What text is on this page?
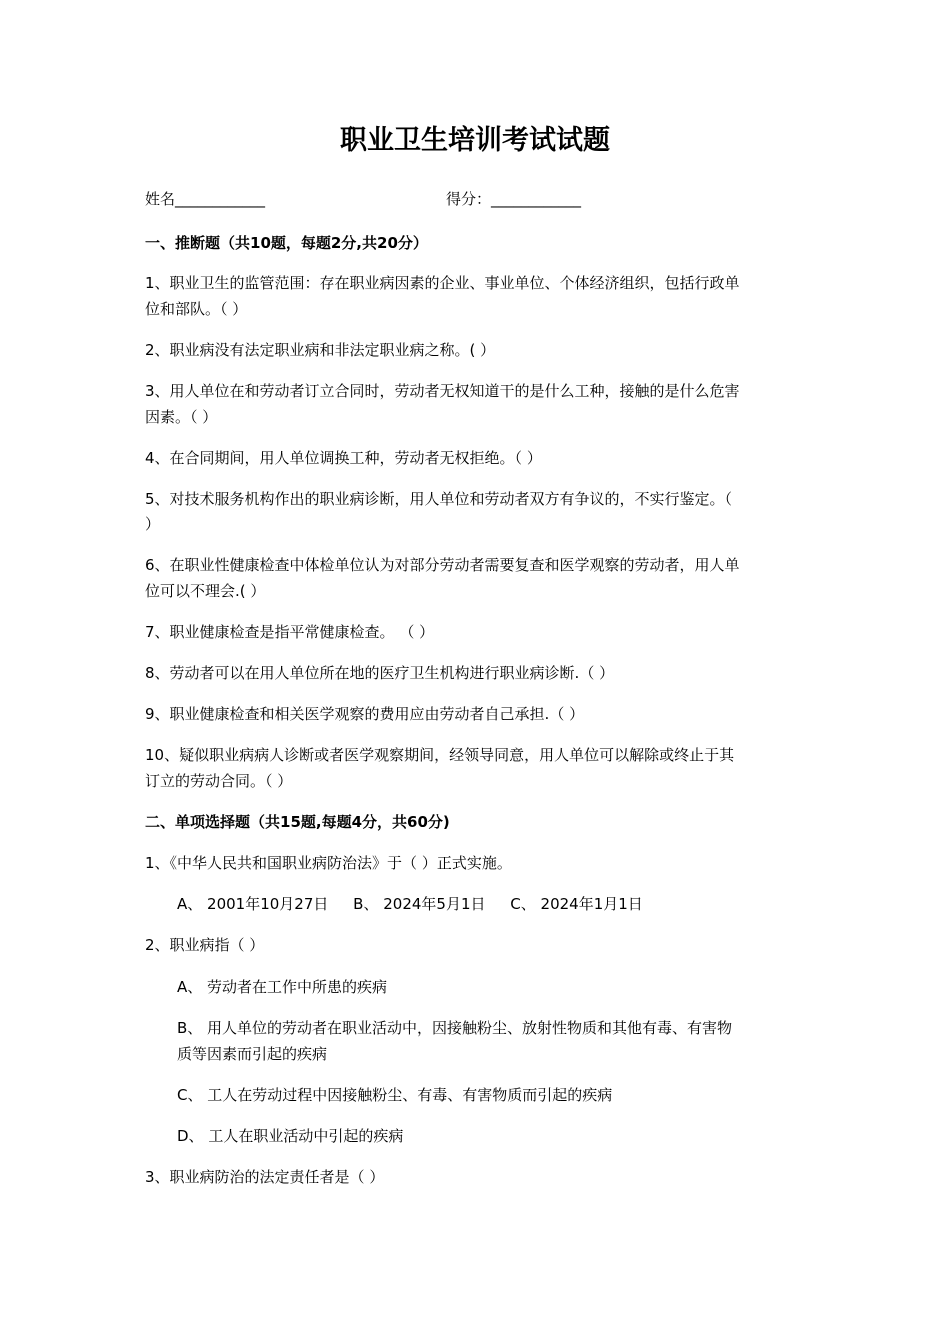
职业卫生培训考试试题
姓名____________	得分：____________
一、推断题（共10题，每题2分,共20分）
1、职业卫生的监管范围：存在职业病因素的企业、事业单位、个体经济组织，包括行政单
位和部队。（ ）
2、职业病没有法定职业病和非法定职业病之称。( ）
3、用人单位在和劳动者订立合同时，劳动者无权知道干的是什么工种，接触的是什么危害
因素。（ ）
4、在合同期间，用人单位调换工种，劳动者无权拒绝。（ ）
5、对技术服务机构作出的职业病诊断，用人单位和劳动者双方有争议的，不实行鉴定。（
）
6、在职业性健康检查中体检单位认为对部分劳动者需要复查和医学观察的劳动者，用人单
位可以不理会.( ）
7、职业健康检查是指平常健康检查。 （ ）
8、劳动者可以在用人单位所在地的医疗卫生机构进行职业病诊断.（ ）
9、职业健康检查和相关医学观察的费用应由劳动者自己承担.（ ）
10、疑似职业病病人诊断或者医学观察期间，经领导同意，用人单位可以解除或终止于其
订立的劳动合同。（ ）
二、单项选择题（共15题,每题4分，共60分)
1、《中华人民共和国职业病防治法》于（ ）正式实施。
A、 2001年10月27日 B、 2024年5月1日 C、 2024年1月1日
2、职业病指（ ）
A、 劳动者在工作中所患的疾病
B、 用人单位的劳动者在职业活动中，因接触粉尘、放射性物质和其他有毒、有害物
质等因素而引起的疾病
C、 工人在劳动过程中因接触粉尘、有毒、有害物质而引起的疾病
D、 工人在职业活动中引起的疾病
3、职业病防治的法定责任者是（ ）
